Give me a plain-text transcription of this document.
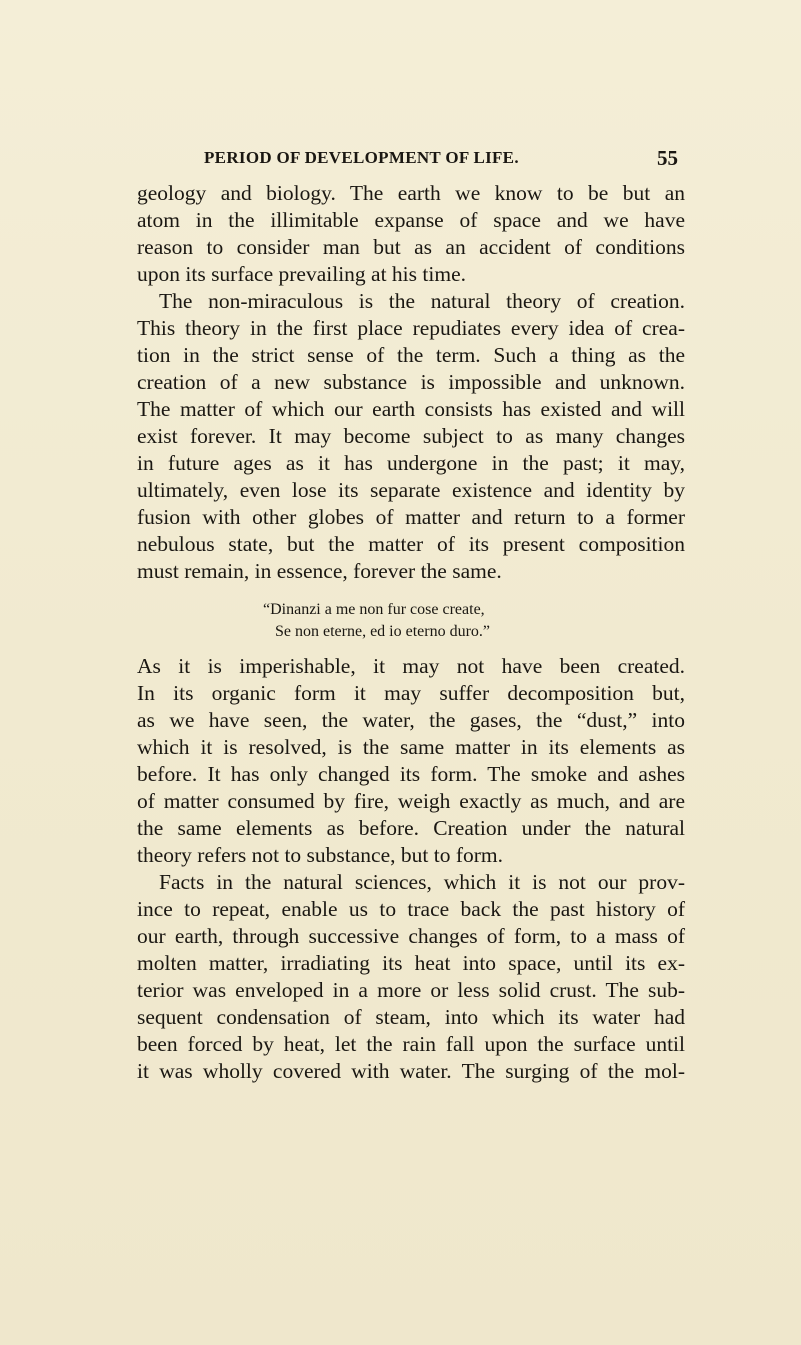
PERIOD OF DEVELOPMENT OF LIFE.	55
geology and biology. The earth we know to be but an
atom in the illimitable expanse of space and we have
reason to consider man but as an accident of conditions
upon its surface prevailing at his time.
The non-miraculous is the natural theory of creation.
This theory in the first place repudiates every idea of crea-
tion in the strict sense of the term. Such a thing as the
creation of a new substance is impossible and unknown.
The matter of which our earth consists has existed and will
exist forever. It may become subject to as many changes
in future ages as it has undergone in the past; it may,
ultimately, even lose its separate existence and identity by
fusion with other globes of matter and return to a former
nebulous state, but the matter of its present composition
must remain, in essence, forever the same.
“Dinanzi a me non fur cose create,
Se non eterne, ed io eterno duro.”
As it is imperishable, it may not have been created.
In its organic form it may suffer decomposition but,
as we have seen, the water, the gases, the “dust,” into
which it is resolved, is the same matter in its elements as
before. It has only changed its form. The smoke and ashes
of matter consumed by fire, weigh exactly as much, and are
the same elements as before. Creation under the natural
theory refers not to substance, but to form.
Facts in the natural sciences, which it is not our prov-
ince to repeat, enable us to trace back the past history of
our earth, through successive changes of form, to a mass of
molten matter, irradiating its heat into space, until its ex-
terior was enveloped in a more or less solid crust. The sub-
sequent condensation of steam, into which its water had
been forced by heat, let the rain fall upon the surface until
it was wholly covered with water. The surging of the mol-
